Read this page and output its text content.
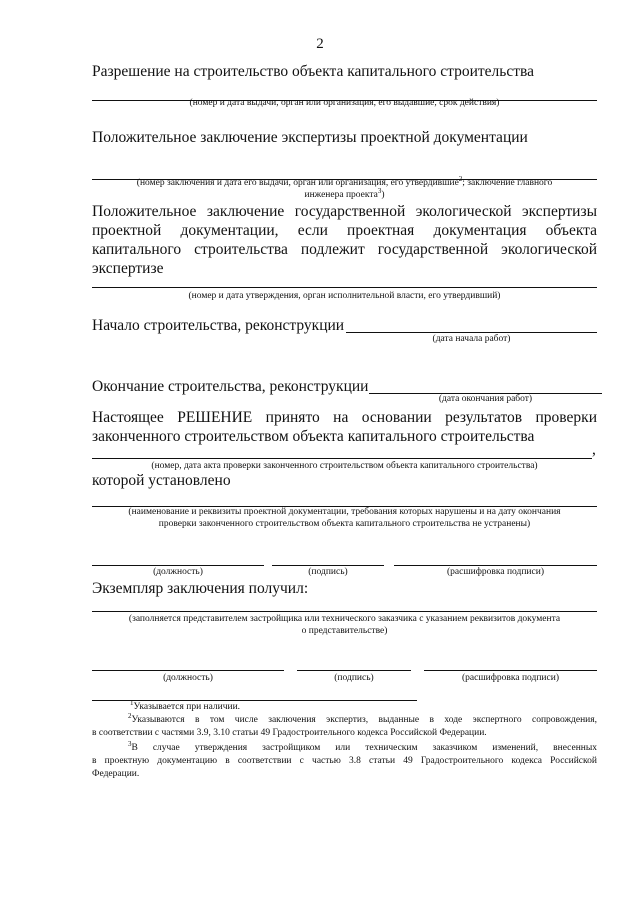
2
Разрешение на строительство объекта капитального строительства
(номер и дата выдачи, орган или организация, его выдавшие, срок действия)
Положительное заключение экспертизы проектной документации
(номер заключения и дата его выдачи, орган или организация, его утвердившие$^2$; заключение главного
инженера проекта$^3$)
Положительное заключение государственной экологической экспертизы
проектной документации, если проектная документация объекта
капитального строительства подлежит государственной экологической
экспертизе
(номер и дата утверждения, орган исполнительной власти, его утвердивший)
Начало строительства, реконструкции
(дата начала работ)
Окончание строительства, реконструкции
(дата окончания работ)
Настоящее РЕШЕНИЕ принято на основании результатов проверки
законченного строительством объекта капитального строительства
,
(номер, дата акта проверки законченного строительством объекта капитального строительства)
которой установлено
(наименование и реквизиты проектной документации, требования которых нарушены и на дату окончания
проверки законченного строительством объекта капитального строительства не устранены)
(должность)	(подпись)	(расшифровка подписи)
Экземпляр заключения получил:
(заполняется представителем застройщика или технического заказчика с указанием реквизитов документа
о представительстве)
(должность)	(подпись)	(расшифровка подписи)
$^1$Указывается при наличии.
$^2$Указываются в том числе заключения экспертиз, выданные в ходе экспертного сопровождения,
в соответствии с частями 3.9, 3.10 статьи 49 Градостроительного кодекса Российской Федерации.
$^3$В случае утверждения застройщиком или техническим заказчиком изменений, внесенных
в проектную документацию в соответствии с частью 3.8 статьи 49 Градостроительного кодекса Российской
Федерации.
